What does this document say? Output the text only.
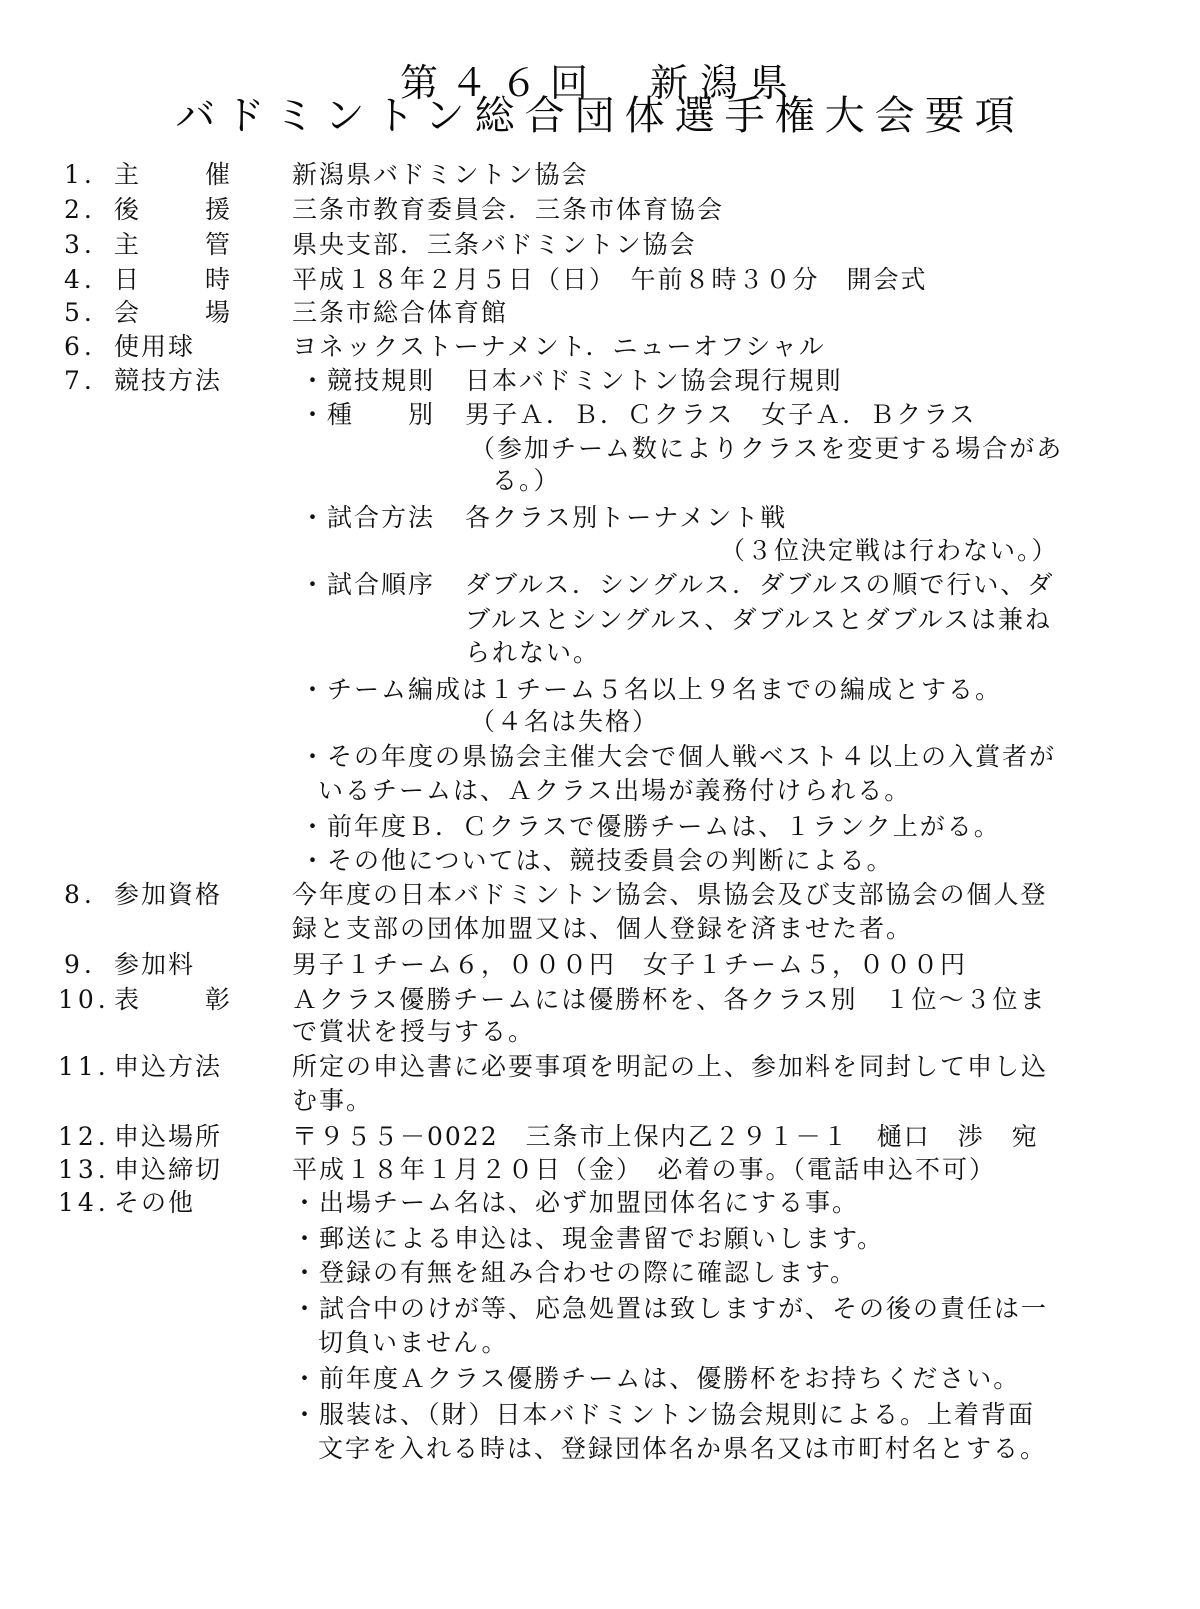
第４６回　新潟県
バドミントン総合団体選手権大会要項
1. 主　催 新潟県バドミントン協会
2. 後　援 三条市教育委員会．三条市体育協会
3. 主　管 県央支部．三条バドミントン協会
4. 日　時 平成１８年２月５日（日）　午前８時３０分　開会式
5. 会　場 三条市総合体育館
6. 使用球	ヨネックストーナメント．ニューオフシャル
7. 競技方法	・競技規則 日本バドミントン協会現行規則
・種　　別 男子Ａ．Ｂ．Ｃクラス　女子Ａ．Ｂクラス
（参加チーム数によりクラスを変更する場合があ
る。）
・試合方法 各クラス別トーナメント戦
（３位決定戦は行わない。）
・試合順序 ダブルス．シングルス．ダブルスの順で行い、ダ
ブルスとシングルス、ダブルスとダブルスは兼ね
られない。
・チーム編成は１チーム５名以上９名までの編成とする。
（４名は失格）
・その年度の県協会主催大会で個人戦ベスト４以上の入賞者が
いるチームは、Ａクラス出場が義務付けられる。
・前年度Ｂ．Ｃクラスで優勝チームは、１ランク上がる。
・その他については、競技委員会の判断による。
8. 参加資格	今年度の日本バドミントン協会、県協会及び支部協会の個人登
録と支部の団体加盟又は、個人登録を済ませた者。
9. 参加料	男子１チーム６，０００円　女子１チーム５，０００円
10. 表　彰 Ａクラス優勝チームには優勝杯を、各クラス別　１位～３位ま
で賞状を授与する。
11. 申込方法	所定の申込書に必要事項を明記の上、参加料を同封して申し込
む事。
12. 申込場所	〒９５５－0022　三条市上保内乙２９１－１　樋口　渉　宛
13. 申込締切	平成１８年１月２０日（金）　必着の事。（電話申込不可）
14. その他	・出場チーム名は、必ず加盟団体名にする事。
・郵送による申込は、現金書留でお願いします。
・登録の有無を組み合わせの際に確認します。
・試合中のけが等、応急処置は致しますが、その後の責任は一
切負いません。
・前年度Ａクラス優勝チームは、優勝杯をお持ちください。
・服装は、（財）日本バドミントン協会規則による。上着背面
文字を入れる時は、登録団体名か県名又は市町村名とする。
